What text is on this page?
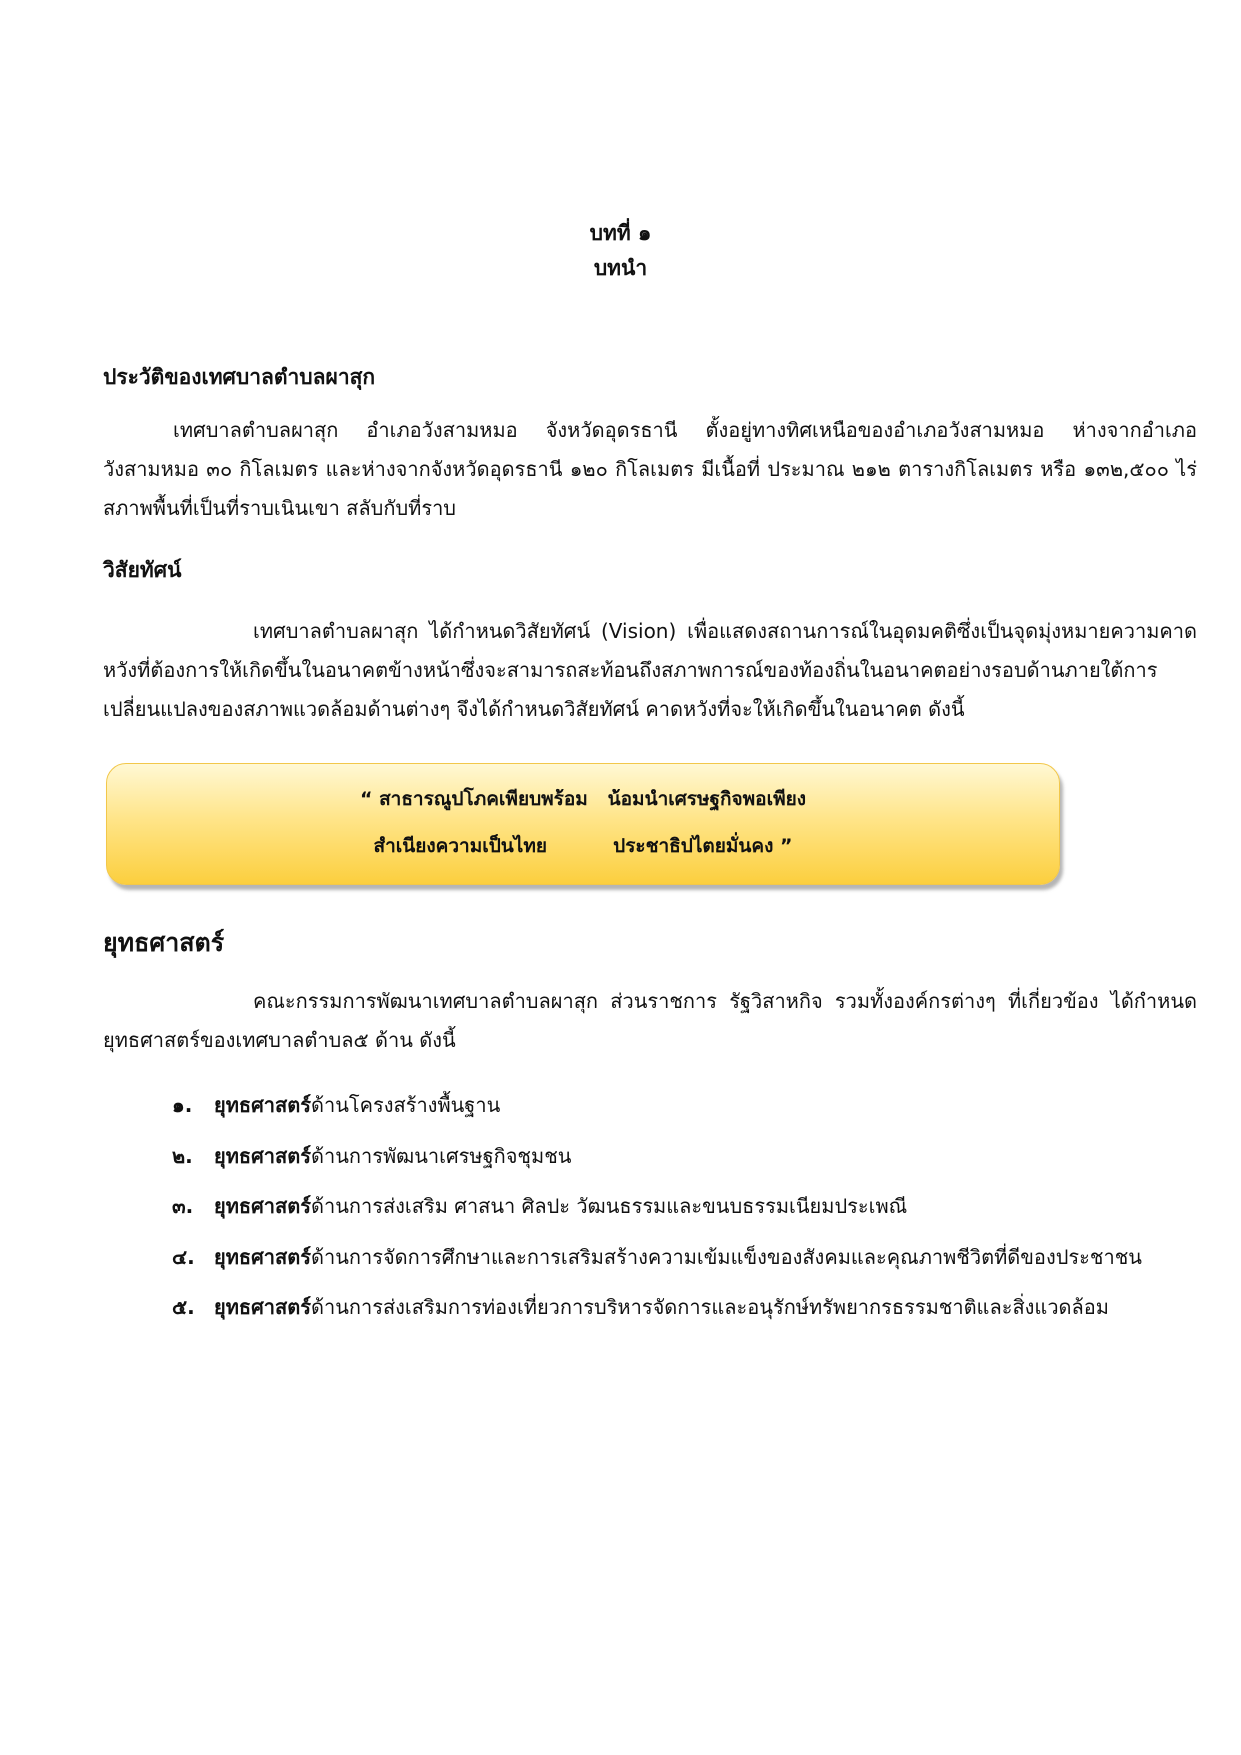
บทที่ ๑
บทนำ
ประวัติของเทศบาลตำบลผาสุก
เทศบาลตำบลผาสุก อำเภอวังสามหมอ จังหวัดอุดรธานี ตั้งอยู่ทางทิศเหนือของอำเภอวังสามหมอ ห่างจากอำเภอวังสามหมอ ๓๐ กิโลเมตร และห่างจากจังหวัดอุดรธานี ๑๒๐ กิโลเมตร มีเนื้อที่ ประมาณ ๒๑๒ ตารางกิโลเมตร หรือ ๑๓๒,๕๐๐ ไร่ สภาพพื้นที่เป็นที่ราบเนินเขา สลับกับที่ราบ
วิสัยทัศน์
เทศบาลตำบลผาสุก ได้กำหนดวิสัยทัศน์ (Vision) เพื่อแสดงสถานการณ์ในอุดมคติซึ่งเป็นจุดมุ่งหมายความคาดหวังที่ต้องการให้เกิดขึ้นในอนาคตข้างหน้าซึ่งจะสามารถสะท้อนถึงสภาพการณ์ของท้องถิ่นในอนาคตอย่างรอบด้านภายใต้การเปลี่ยนแปลงของสภาพแวดล้อมด้านต่างๆ จึงได้กำหนดวิสัยทัศน์ คาดหวังที่จะให้เกิดขึ้นในอนาคต ดังนี้
“ สาธารณูปโภคเพียบพร้อม   น้อมนำเศรษฐกิจพอเพียง
สำเนียงความเป็นไทย          ประชาธิปไตยมั่นคง ”
ยุทธศาสตร์
คณะกรรมการพัฒนาเทศบาลตำบลผาสุก ส่วนราชการ รัฐวิสาหกิจ รวมทั้งองค์กรต่างๆ ที่เกี่ยวข้อง ได้กำหนดยุทธศาสตร์ของเทศบาลตำบล๕ ด้าน ดังนี้
๑. ยุทธศาสตร์ด้านโครงสร้างพื้นฐาน
๒. ยุทธศาสตร์ด้านการพัฒนาเศรษฐกิจชุมชน
๓. ยุทธศาสตร์ด้านการส่งเสริม ศาสนา ศิลปะ วัฒนธรรมและขนบธรรมเนียมประเพณี
๔. ยุทธศาสตร์ด้านการจัดการศึกษาและการเสริมสร้างความเข้มแข็งของสังคมและคุณภาพชีวิตที่ดีของประชาชน
๕. ยุทธศาสตร์ด้านการส่งเสริมการท่องเที่ยวการบริหารจัดการและอนุรักษ์ทรัพยากรธรรมชาติและสิ่งแวดล้อม
